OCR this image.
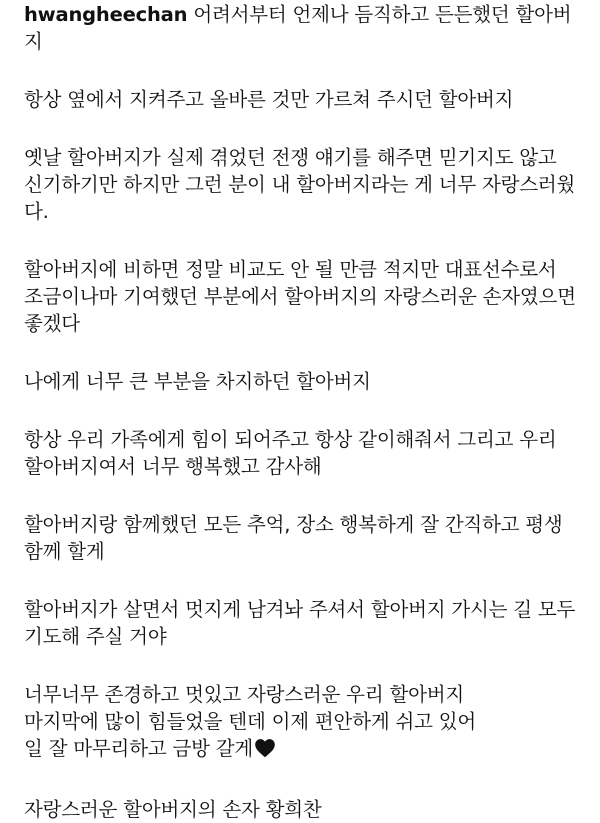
hwangheechan 어려서부터 언제나 듬직하고 든든했던 할아버
지
항상 옆에서 지켜주고 올바른 것만 가르쳐 주시던 할아버지
옛날 할아버지가 실제 겪었던 전쟁 얘기를 해주면 믿기지도 않고
신기하기만 하지만 그런 분이 내 할아버지라는 게 너무 자랑스러웠
다.
할아버지에 비하면 정말 비교도 안 될 만큼 적지만 대표선수로서
조금이나마 기여했던 부분에서 할아버지의 자랑스러운 손자였으면
좋겠다
나에게 너무 큰 부분을 차지하던 할아버지
항상 우리 가족에게 힘이 되어주고 항상 같이해줘서 그리고 우리
할아버지여서 너무 행복했고 감사해
할아버지랑 함께했던 모든 추억, 장소 행복하게 잘 간직하고 평생
함께 할게
할아버지가 살면서 멋지게 남겨놔 주셔서 할아버지 가시는 길 모두
기도해 주실 거야
너무너무 존경하고 멋있고 자랑스러운 우리 할아버지
마지막에 많이 힘들었을 텐데 이제 편안하게 쉬고 있어
일 잘 마무리하고 금방 갈게
자랑스러운 할아버지의 손자 황희찬
